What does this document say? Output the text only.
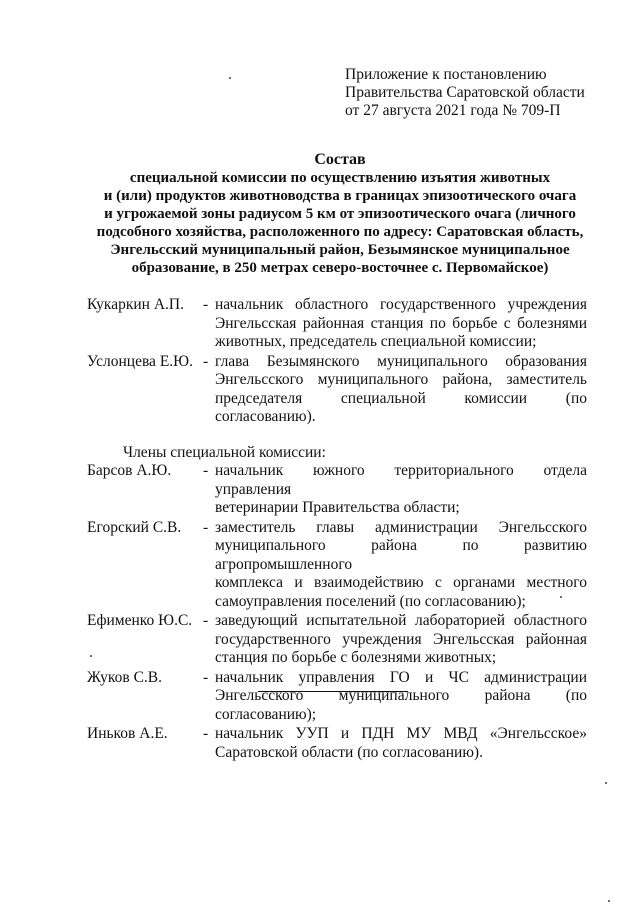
Приложение к постановлению
Правительства Саратовской области
от 27 августа 2021 года № 709-П
Состав
специальной комиссии по осуществлению изъятия животных
и (или) продуктов животноводства в границах эпизоотического очага
и угрожаемой зоны радиусом 5 км от эпизоотического очага (личного
подсобного хозяйства, расположенного по адресу: Саратовская область,
Энгельсский муниципальный район, Безымянское муниципальное
образование, в 250 метрах северо-восточнее с. Первомайское)
Кукаркин А.П.	- начальник областного государственного учреждения
Энгельсская районная станция по борьбе с болезнями
животных, председатель специальной комиссии;
Услонцева Е.Ю. - глава Безымянского муниципального образования
Энгельсского муниципального района, заместитель
председателя специальной комиссии (по согласованию).
Члены специальной комиссии:
Барсов А.Ю.	- начальник южного территориального отдела управления
ветеринарии Правительства области;
Егорский С.В.	- заместитель главы администрации Энгельсского
муниципального района по развитию агропромышленного
комплекса и взаимодействию с органами местного
самоуправления поселений (по согласованию);
Ефименко Ю.С. - заведующий испытательной лабораторией областного
государственного учреждения Энгельсская районная
станция по борьбе с болезнями животных;
Жуков С.В.	- начальник управления ГО и ЧС администрации
Энгельсского муниципального района (по согласованию);
Иньков А.Е.	- начальник УУП и ПДН МУ МВД «Энгельсское»
Саратовской области (по согласованию).
